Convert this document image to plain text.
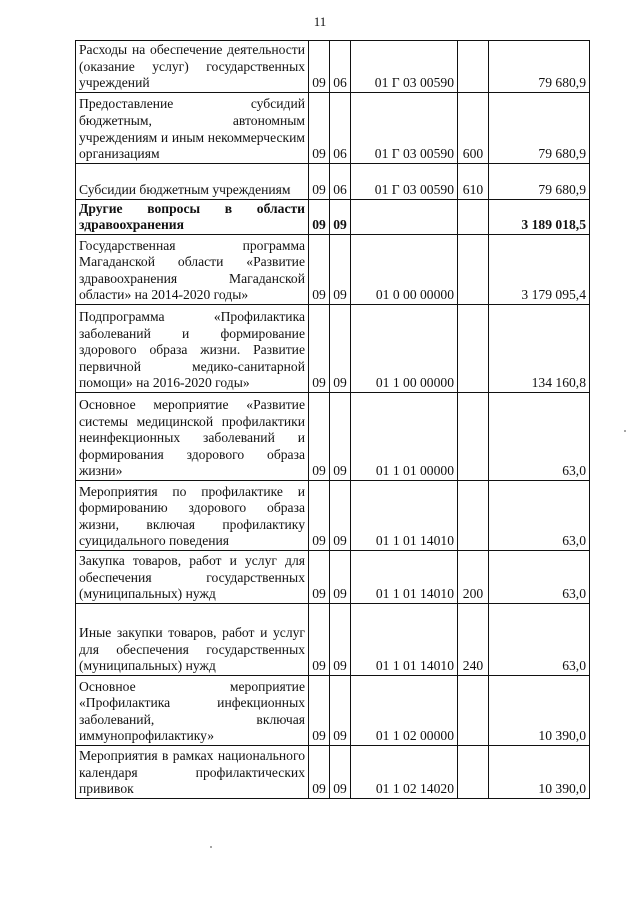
11
Расходы на обеспечение деятельности (оказание услуг) государственных учреждений	09	06	01 Г 03 00590		79 680,9
Предоставление субсидий бюджетным, автономным учреждениям и иным некоммерческим организациям	09	06	01 Г 03 00590	600	79 680,9
Субсидии бюджетным учреждениям	09	06	01 Г 03 00590	610	79 680,9
Другие вопросы в области здравоохранения	09	09			3 189 018,5
Государственная программа Магаданской области «Развитие здравоохранения Магаданской области» на 2014-2020 годы»	09	09	01 0 00 00000		3 179 095,4
Подпрограмма «Профилактика заболеваний и формирование здорового образа жизни. Развитие первичной медико-санитарной помощи» на 2016-2020 годы»	09	09	01 1 00 00000		134 160,8
Основное мероприятие «Развитие системы медицинской профилактики неинфекционных заболеваний и формирования здорового образа жизни»	09	09	01 1 01 00000		63,0
Мероприятия по профилактике и формированию здорового образа жизни, включая профилактику суицидального поведения	09	09	01 1 01 14010		63,0
Закупка товаров, работ и услуг для обеспечения государственных (муниципальных) нужд	09	09	01 1 01 14010	200	63,0
Иные закупки товаров, работ и услуг для обеспечения государственных (муниципальных) нужд	09	09	01 1 01 14010	240	63,0
Основное мероприятие «Профилактика инфекционных заболеваний, включая иммунопрофилактику»	09	09	01 1 02 00000		10 390,0
Мероприятия в рамках национального календаря профилактических прививок	09	09	01 1 02 14020		10 390,0
